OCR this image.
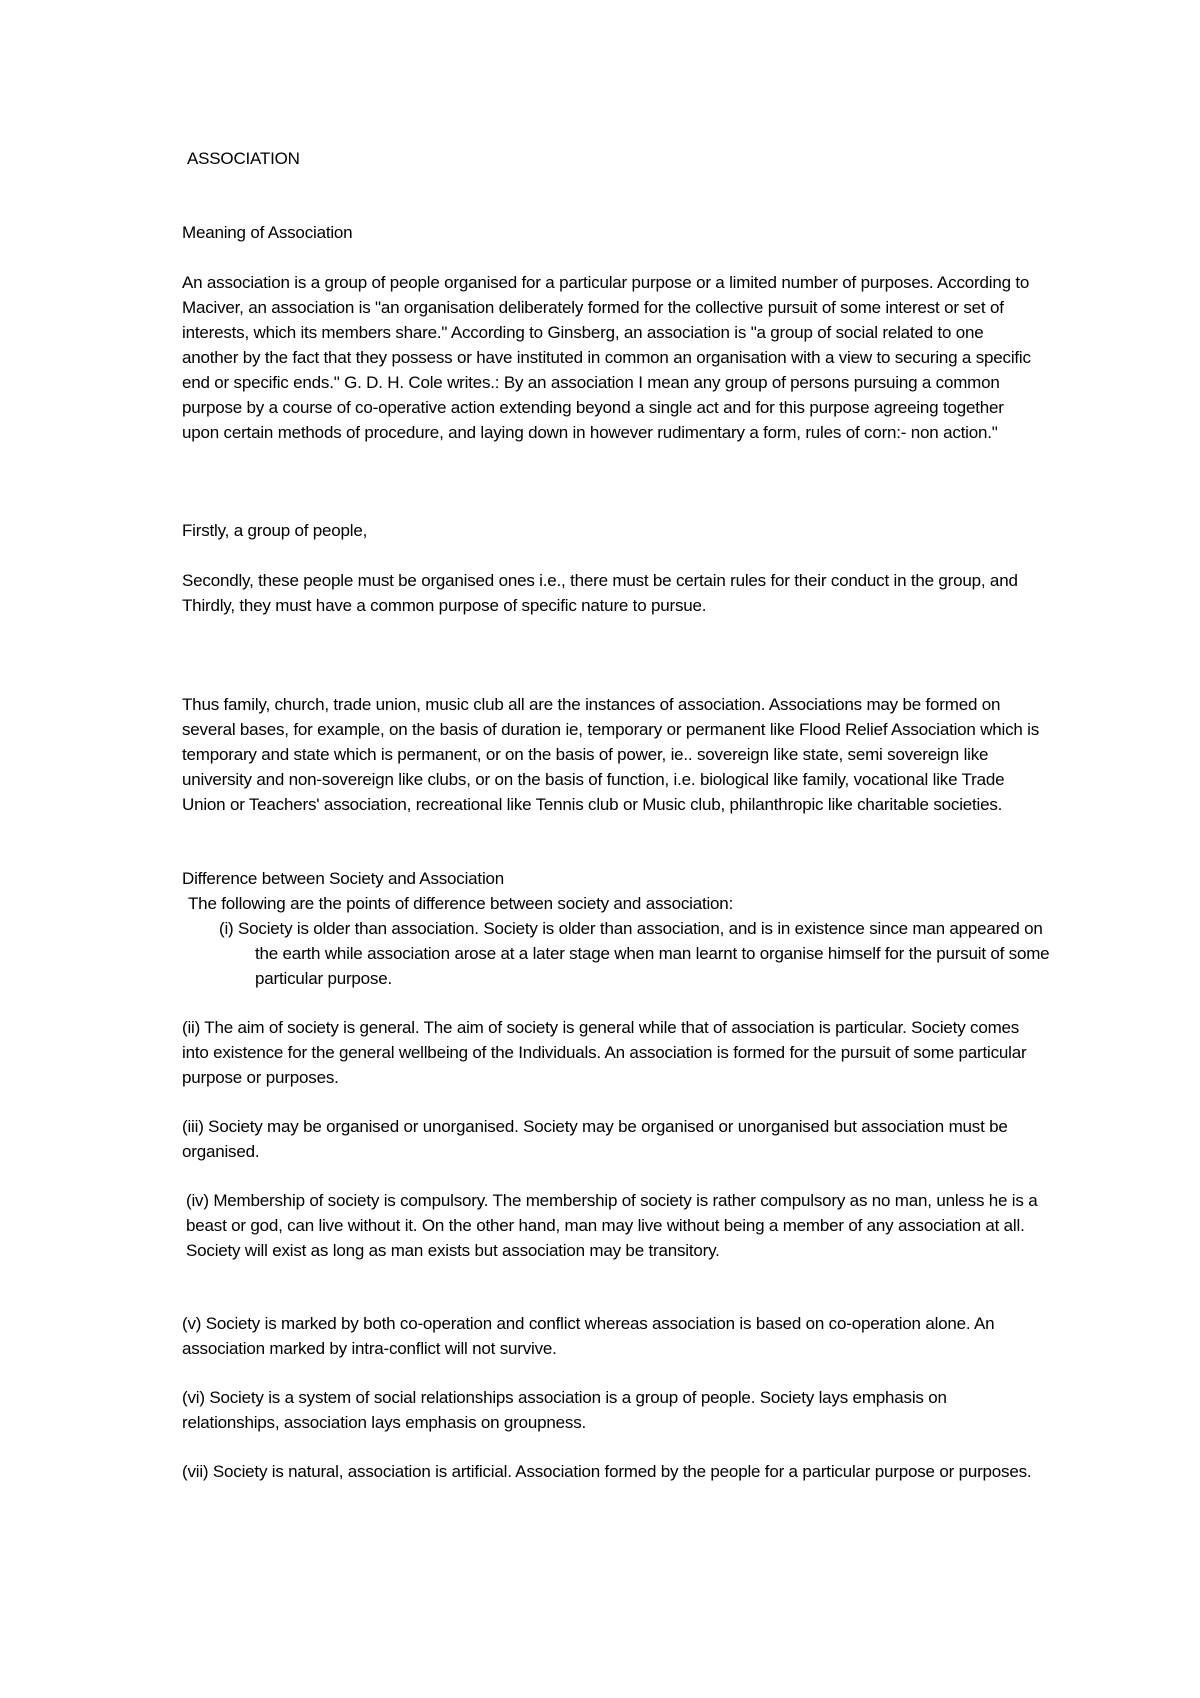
ASSOCIATION

Meaning of Association

An association is a group of people organised for a particular purpose or a limited number of purposes. According to Maciver, an association is "an organisation deliberately formed for the collective pursuit of some interest or set of interests, which its members share." According to Ginsberg, an association is "a group of social related to one another by the fact that they possess or have instituted in common an organisation with a view to securing a specific end or specific ends." G. D. H. Cole writes.: By an association I mean any group of persons pursuing a common purpose by a course of co-operative action extending beyond a single act and for this purpose agreeing together upon certain methods of procedure, and laying down in however rudimentary a form, rules of corn:- non action."

Firstly, a group of people,

Secondly, these people must be organised ones i.e., there must be certain rules for their conduct in the group, and Thirdly, they must have a common purpose of specific nature to pursue.

Thus family, church, trade union, music club all are the instances of association. Associations may be formed on several bases, for example, on the basis of duration ie, temporary or permanent like Flood Relief Association which is temporary and state which is permanent, or on the basis of power, ie.. sovereign like state, semi sovereign like university and non-sovereign like clubs, or on the basis of function, i.e. biological like family, vocational like Trade Union or Teachers' association, recreational like Tennis club or Music club, philanthropic like charitable societies.

Difference between Society and Association

The following are the points of difference between society and association:

(i) Society is older than association. Society is older than association, and is in existence since man appeared on the earth while association arose at a later stage when man learnt to organise himself for the pursuit of some particular purpose.

(ii) The aim of society is general. The aim of society is general while that of association is particular. Society comes into existence for the general wellbeing of the Individuals. An association is formed for the pursuit of some particular purpose or purposes.

(iii) Society may be organised or unorganised. Society may be organised or unorganised but association must be organised.

(iv) Membership of society is compulsory. The membership of society is rather compulsory as no man, unless he is a beast or god, can live without it. On the other hand, man may live without being a member of any association at all. Society will exist as long as man exists but association may be transitory.

(v) Society is marked by both co-operation and conflict whereas association is based on co-operation alone. An association marked by intra-conflict will not survive.

(vi) Society is a system of social relationships association is a group of people. Society lays emphasis on relationships, association lays emphasis on groupness.

(vii) Society is natural, association is artificial. Association formed by the people for a particular purpose or purposes.
